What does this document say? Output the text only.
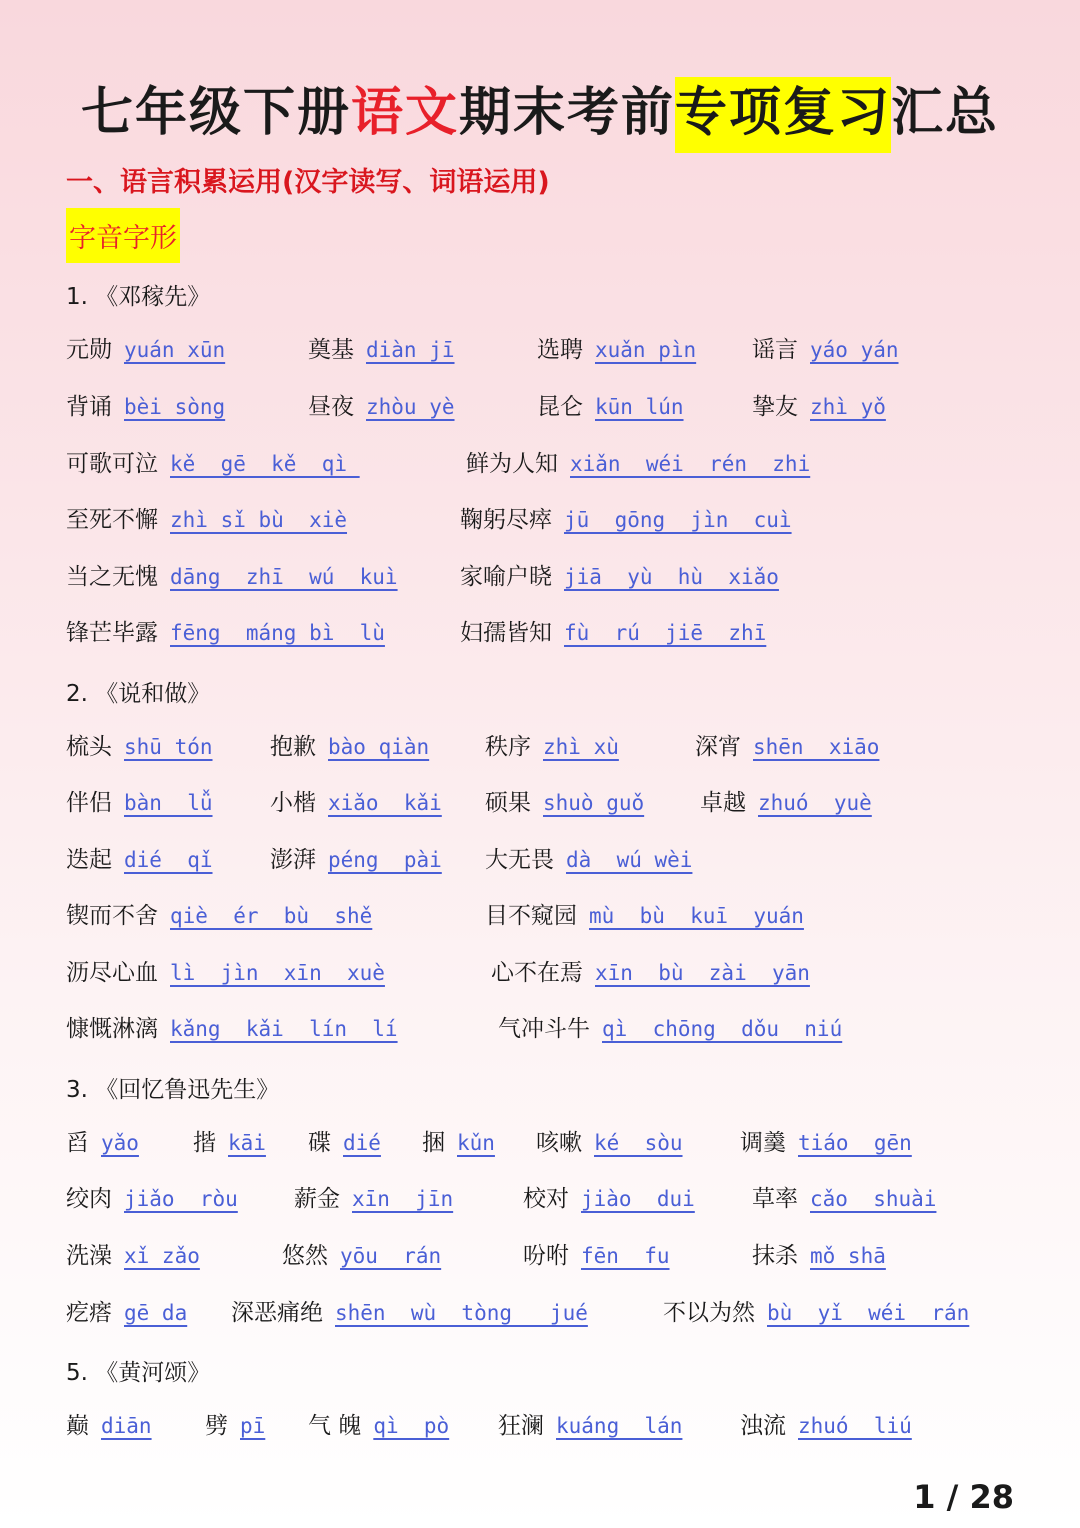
七年级下册语文期末考前专项复习汇总
一、语言积累运用(汉字读写、词语运用)
字音字形
1. 《邓稼先》
元勋 yuán xūn	奠基 diàn jī	选聘 xuǎn pìn 谣言 yáo yán
背诵 bèi sòng	昼夜 zhòu yè	昆仑 kūn lún	挚友 zhì yǒ
可歌可泣 kě  gē  kě  qì	鲜为人知 xiǎn  wéi  rén  zhi
至死不懈 zhì sǐ bù  xiè	鞠躬尽瘁 jū  gōng  jìn  cuì
当之无愧 dāng  zhī  wú  kuì	家喻户晓 jiā  yù  hù  xiǎo
锋芒毕露 fēng  máng bì  lù	妇孺皆知 fù  rú  jiē  zhī
2. 《说和做》
梳头 shū tón 抱歉 bào qiàn 秩序 zhì xù	深宵 shēn  xiāo
伴侣 bàn  lǚ 小楷 xiǎo  kǎi 硕果 shuò guǒ 卓越 zhuó  yuè
迭起 dié  qǐ 澎湃 péng  pài 大无畏 dà  wú wèi
锲而不舍 qiè  ér  bù  shě	目不窥园 mù  bù  kuī  yuán
沥尽心血 lì  jìn  xīn  xuè	心不在焉 xīn  bù  zài  yān
慷慨淋漓 kǎng  kǎi  lín  lí	气冲斗牛 qì  chōng  dǒu  niú
3. 《回忆鲁迅先生》
舀 yǎo 揩 kāi 碟 dié 捆 kǔn 咳嗽 ké  sòu 调羹 tiáo  gēn
绞肉 jiǎo  ròu 薪金 xīn  jīn	校对 jiào  dui 草率 cǎo  shuài
洗澡 xǐ zǎo	悠然 yōu  rán	吩咐 fēn  fu	抹杀 mǒ shā
疙瘩 gē da 深恶痛绝 shēn  wù  tòng   jué	不以为然 bù  yǐ  wéi  rán
5. 《黄河颂》
巅 diān 劈 pī 气 魄 qì  pò 狂澜 kuáng  lán	浊流 zhuó  liú
1 / 28
